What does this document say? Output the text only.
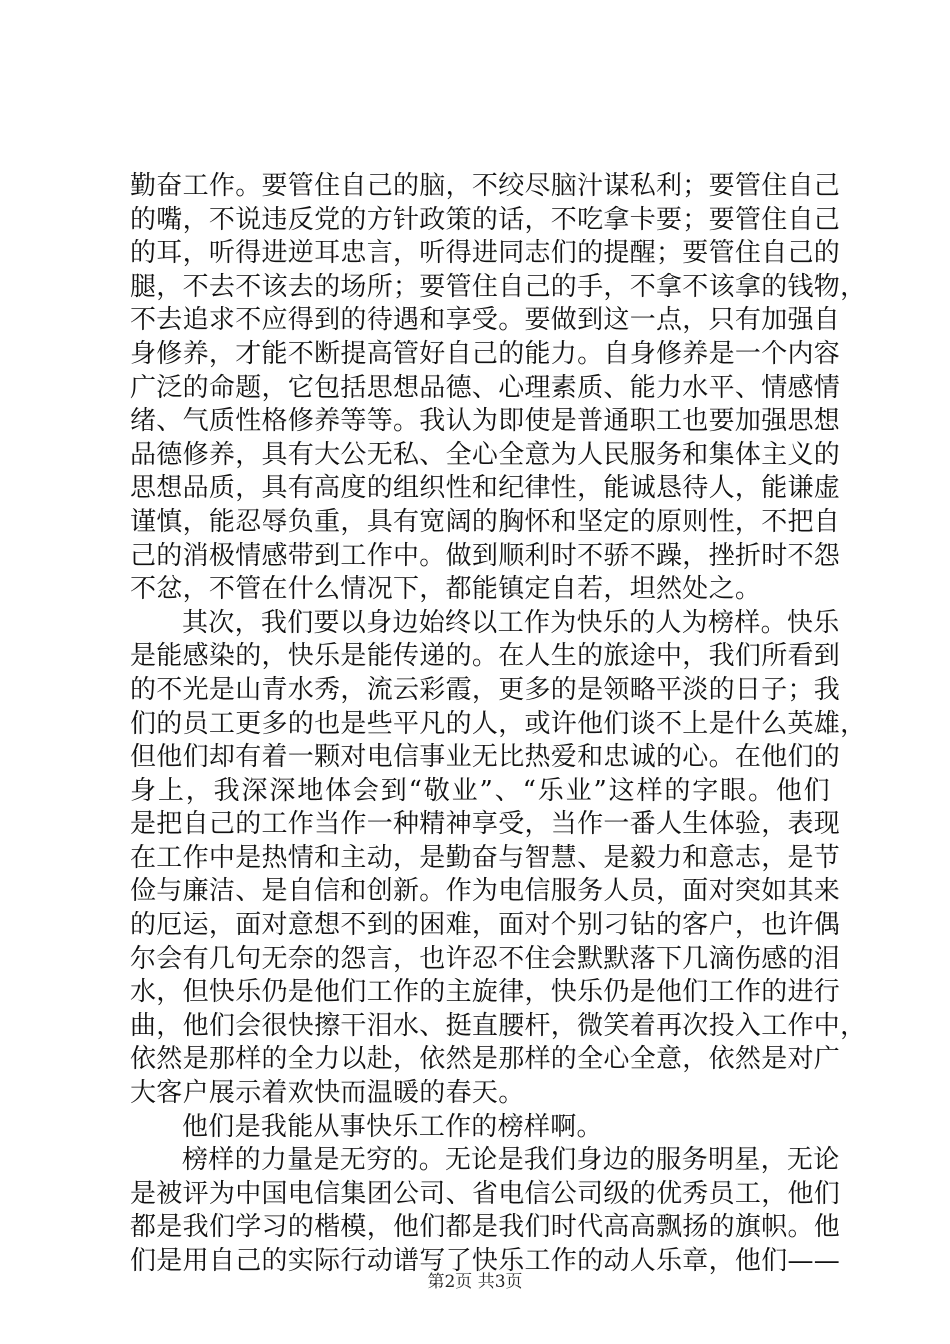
勤奋工作。要管住自己的脑，不绞尽脑汁谋私利；要管住自己
的嘴，不说违反党的方针政策的话，不吃拿卡要；要管住自己
的耳，听得进逆耳忠言，听得进同志们的提醒；要管住自己的
腿，不去不该去的场所；要管住自己的手，不拿不该拿的钱物，
不去追求不应得到的待遇和享受。要做到这一点，只有加强自
身修养，才能不断提高管好自己的能力。自身修养是一个内容
广泛的命题，它包括思想品德、心理素质、能力水平、情感情
绪、气质性格修养等等。我认为即使是普通职工也要加强思想
品德修养，具有大公无私、全心全意为人民服务和集体主义的
思想品质，具有高度的组织性和纪律性，能诚恳待人，能谦虚
谨慎，能忍辱负重，具有宽阔的胸怀和坚定的原则性，不把自
己的消极情感带到工作中。做到顺利时不骄不躁，挫折时不怨
不忿，不管在什么情况下，都能镇定自若，坦然处之。
其次，我们要以身边始终以工作为快乐的人为榜样。快乐
是能感染的，快乐是能传递的。在人生的旅途中，我们所看到
的不光是山青水秀，流云彩霞，更多的是领略平淡的日子；我
们的员工更多的也是些平凡的人，或许他们谈不上是什么英雄，
但他们却有着一颗对电信事业无比热爱和忠诚的心。在他们的
身上，我深深地体会到“敬业”、“乐业”这样的字眼。他们
是把自己的工作当作一种精神享受，当作一番人生体验，表现
在工作中是热情和主动，是勤奋与智慧、是毅力和意志，是节
俭与廉洁、是自信和创新。作为电信服务人员，面对突如其来
的厄运，面对意想不到的困难，面对个别刁钻的客户，也许偶
尔会有几句无奈的怨言，也许忍不住会默默落下几滴伤感的泪
水，但快乐仍是他们工作的主旋律，快乐仍是他们工作的进行
曲，他们会很快擦干泪水、挺直腰杆，微笑着再次投入工作中，
依然是那样的全力以赴，依然是那样的全心全意，依然是对广
大客户展示着欢快而温暖的春天。
他们是我能从事快乐工作的榜样啊。
榜样的力量是无穷的。无论是我们身边的服务明星，无论
是被评为中国电信集团公司、省电信公司级的优秀员工，他们
都是我们学习的楷模，他们都是我们时代高高飘扬的旗帜。他
们是用自己的实际行动谱写了快乐工作的动人乐章，他们——
第2页 共3页
